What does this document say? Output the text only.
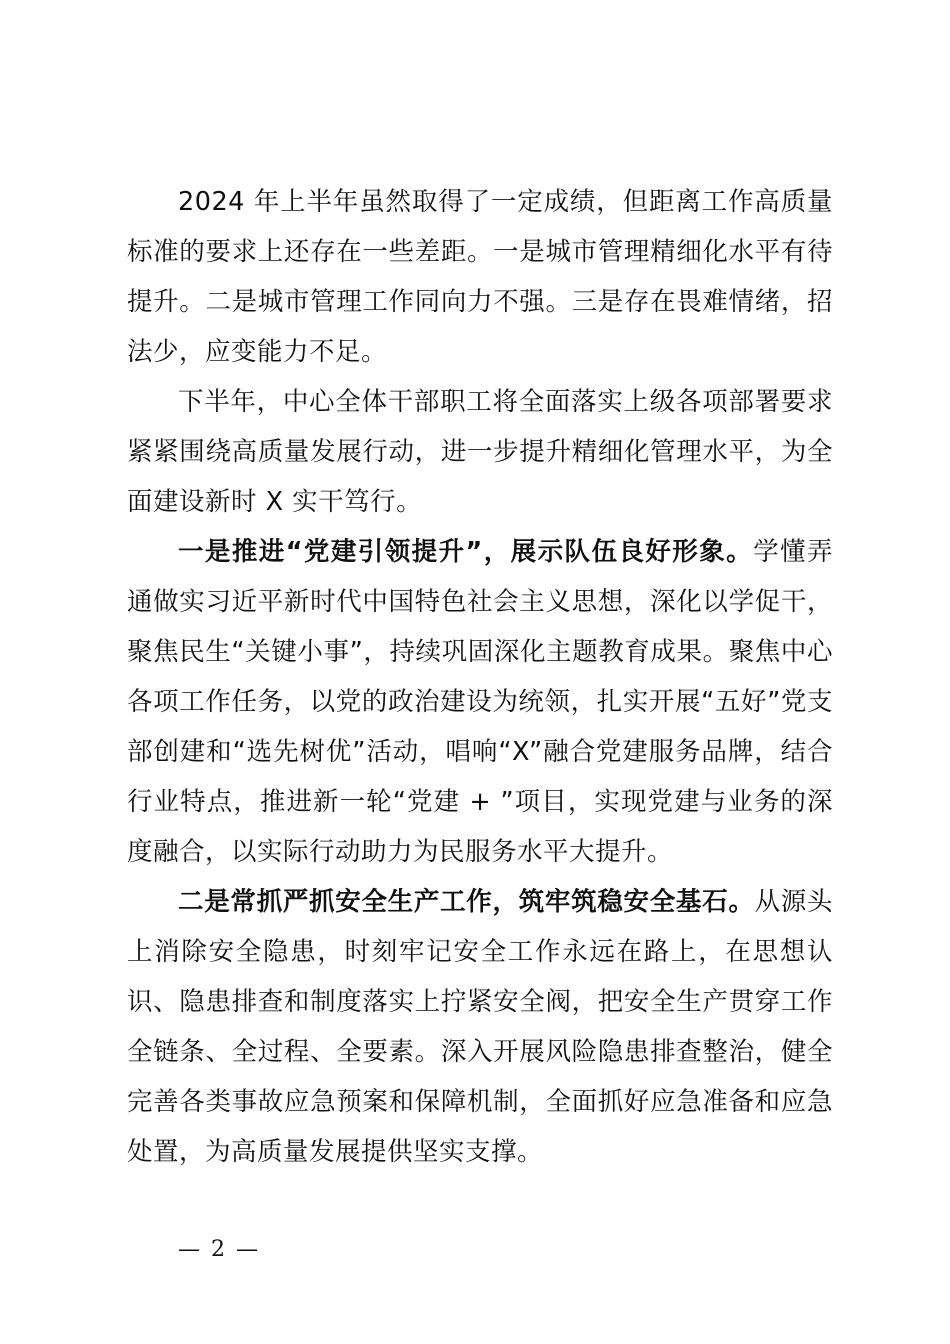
2024 年上半年虽然取得了一定成绩，但距离工作高质量标准的要求上还存在一些差距。一是城市管理精细化水平有待提升。二是城市管理工作同向力不强。三是存在畏难情绪，招法少，应变能力不足。

下半年，中心全体干部职工将全面落实上级各项部署要求紧紧围绕高质量发展行动，进一步提升精细化管理水平，为全面建设新时 X 实干笃行。

一是推进“党建引领提升”，展示队伍良好形象。学懂弄通做实习近平新时代中国特色社会主义思想，深化以学促干，聚焦民生“关键小事”，持续巩固深化主题教育成果。聚焦中心各项工作任务，以党的政治建设为统领，扎实开展“五好”党支部创建和“选先树优”活动，唱响“X”融合党建服务品牌，结合行业特点，推进新一轮“党建 + ”项目，实现党建与业务的深度融合，以实际行动助力为民服务水平大提升。

二是常抓严抓安全生产工作，筑牢筑稳安全基石。从源头上消除安全隐患，时刻牢记安全工作永远在路上，在思想认识、隐患排查和制度落实上拧紧安全阀，把安全生产贯穿工作全链条、全过程、全要素。深入开展风险隐患排查整治，健全完善各类事故应急预案和保障机制，全面抓好应急准备和应急处置，为高质量发展提供坚实支撑。

— 2 —
